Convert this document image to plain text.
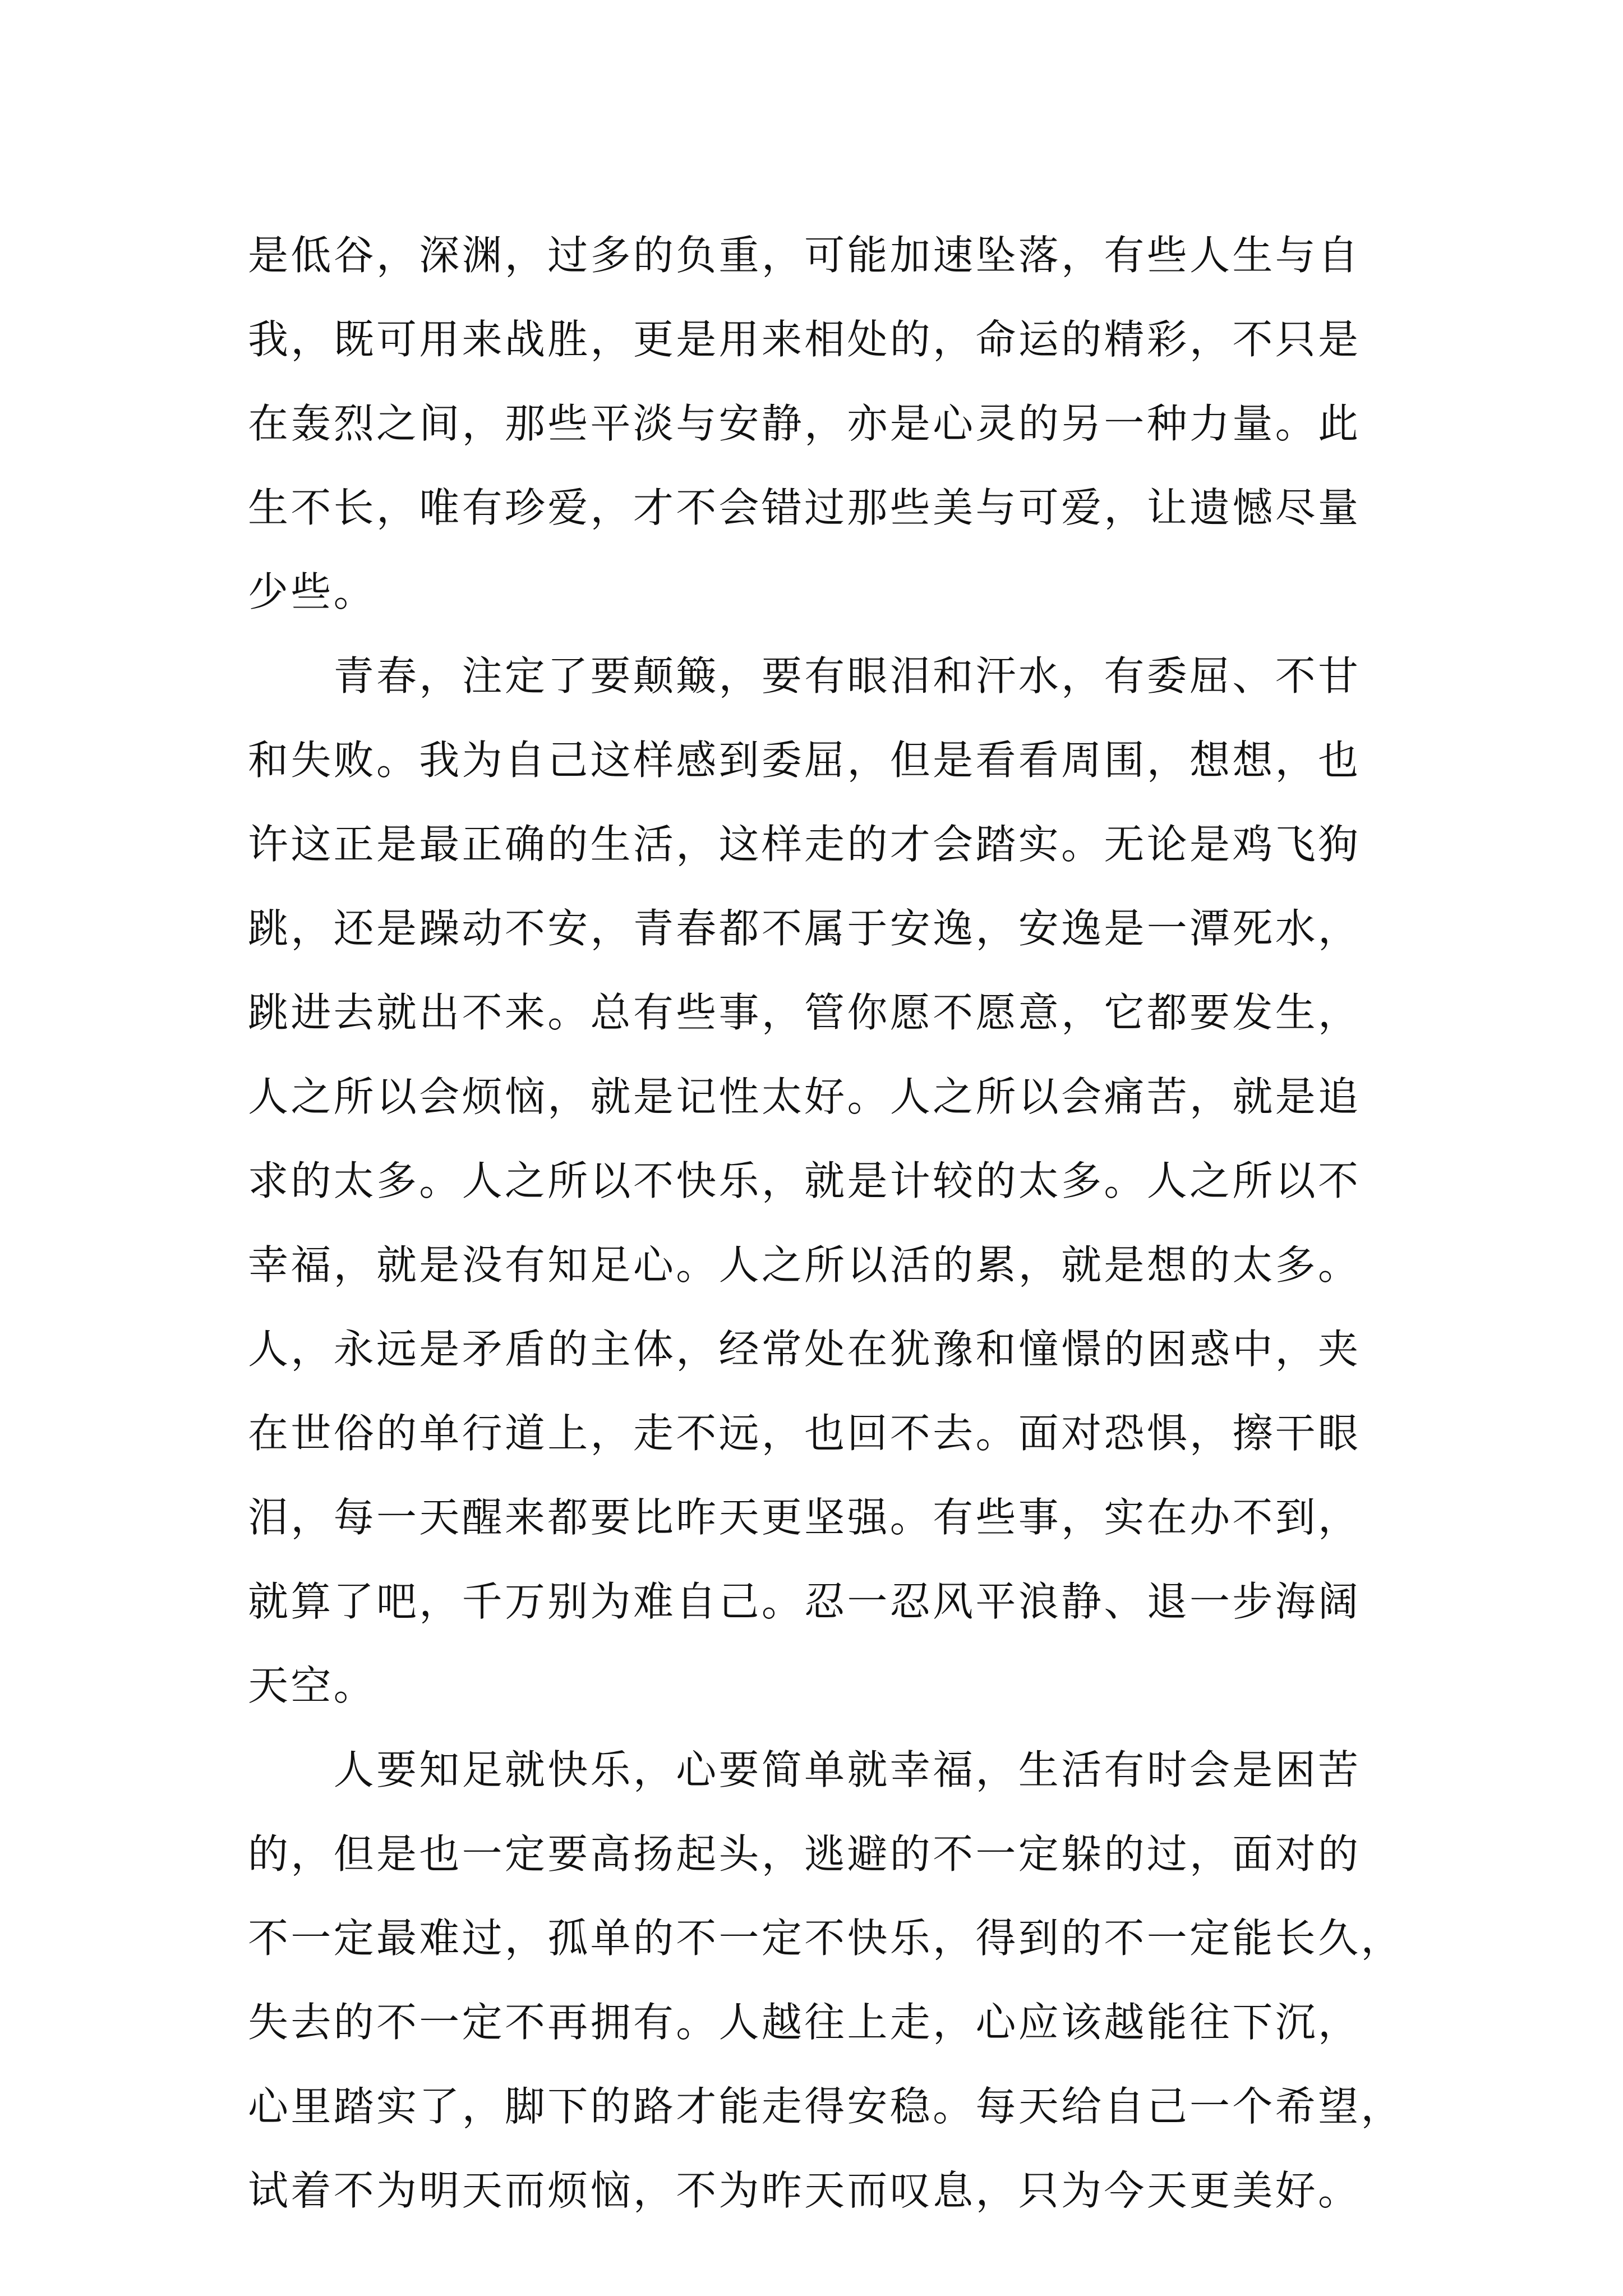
是低谷，深渊，过多的负重，可能加速坠落，有些人生与自
我，既可用来战胜，更是用来相处的，命运的精彩，不只是
在轰烈之间，那些平淡与安静，亦是心灵的另一种力量。此
生不长，唯有珍爱，才不会错过那些美与可爱，让遗憾尽量
少些。
　　青春，注定了要颠簸，要有眼泪和汗水，有委屈、不甘
和失败。我为自己这样感到委屈，但是看看周围，想想，也
许这正是最正确的生活，这样走的才会踏实。无论是鸡飞狗
跳，还是躁动不安，青春都不属于安逸，安逸是一潭死水，
跳进去就出不来。总有些事，管你愿不愿意，它都要发生，
人之所以会烦恼，就是记性太好。人之所以会痛苦，就是追
求的太多。人之所以不快乐，就是计较的太多。人之所以不
幸福，就是没有知足心。人之所以活的累，就是想的太多。
人，永远是矛盾的主体，经常处在犹豫和憧憬的困惑中，夹
在世俗的单行道上，走不远，也回不去。面对恐惧，擦干眼
泪，每一天醒来都要比昨天更坚强。有些事，实在办不到，
就算了吧，千万别为难自己。忍一忍风平浪静、退一步海阔
天空。
　　人要知足就快乐，心要简单就幸福，生活有时会是困苦
的，但是也一定要高扬起头，逃避的不一定躲的过，面对的
不一定最难过，孤单的不一定不快乐，得到的不一定能长久，
失去的不一定不再拥有。人越往上走，心应该越能往下沉，
心里踏实了，脚下的路才能走得安稳。每天给自己一个希望，
试着不为明天而烦恼，不为昨天而叹息，只为今天更美好。
